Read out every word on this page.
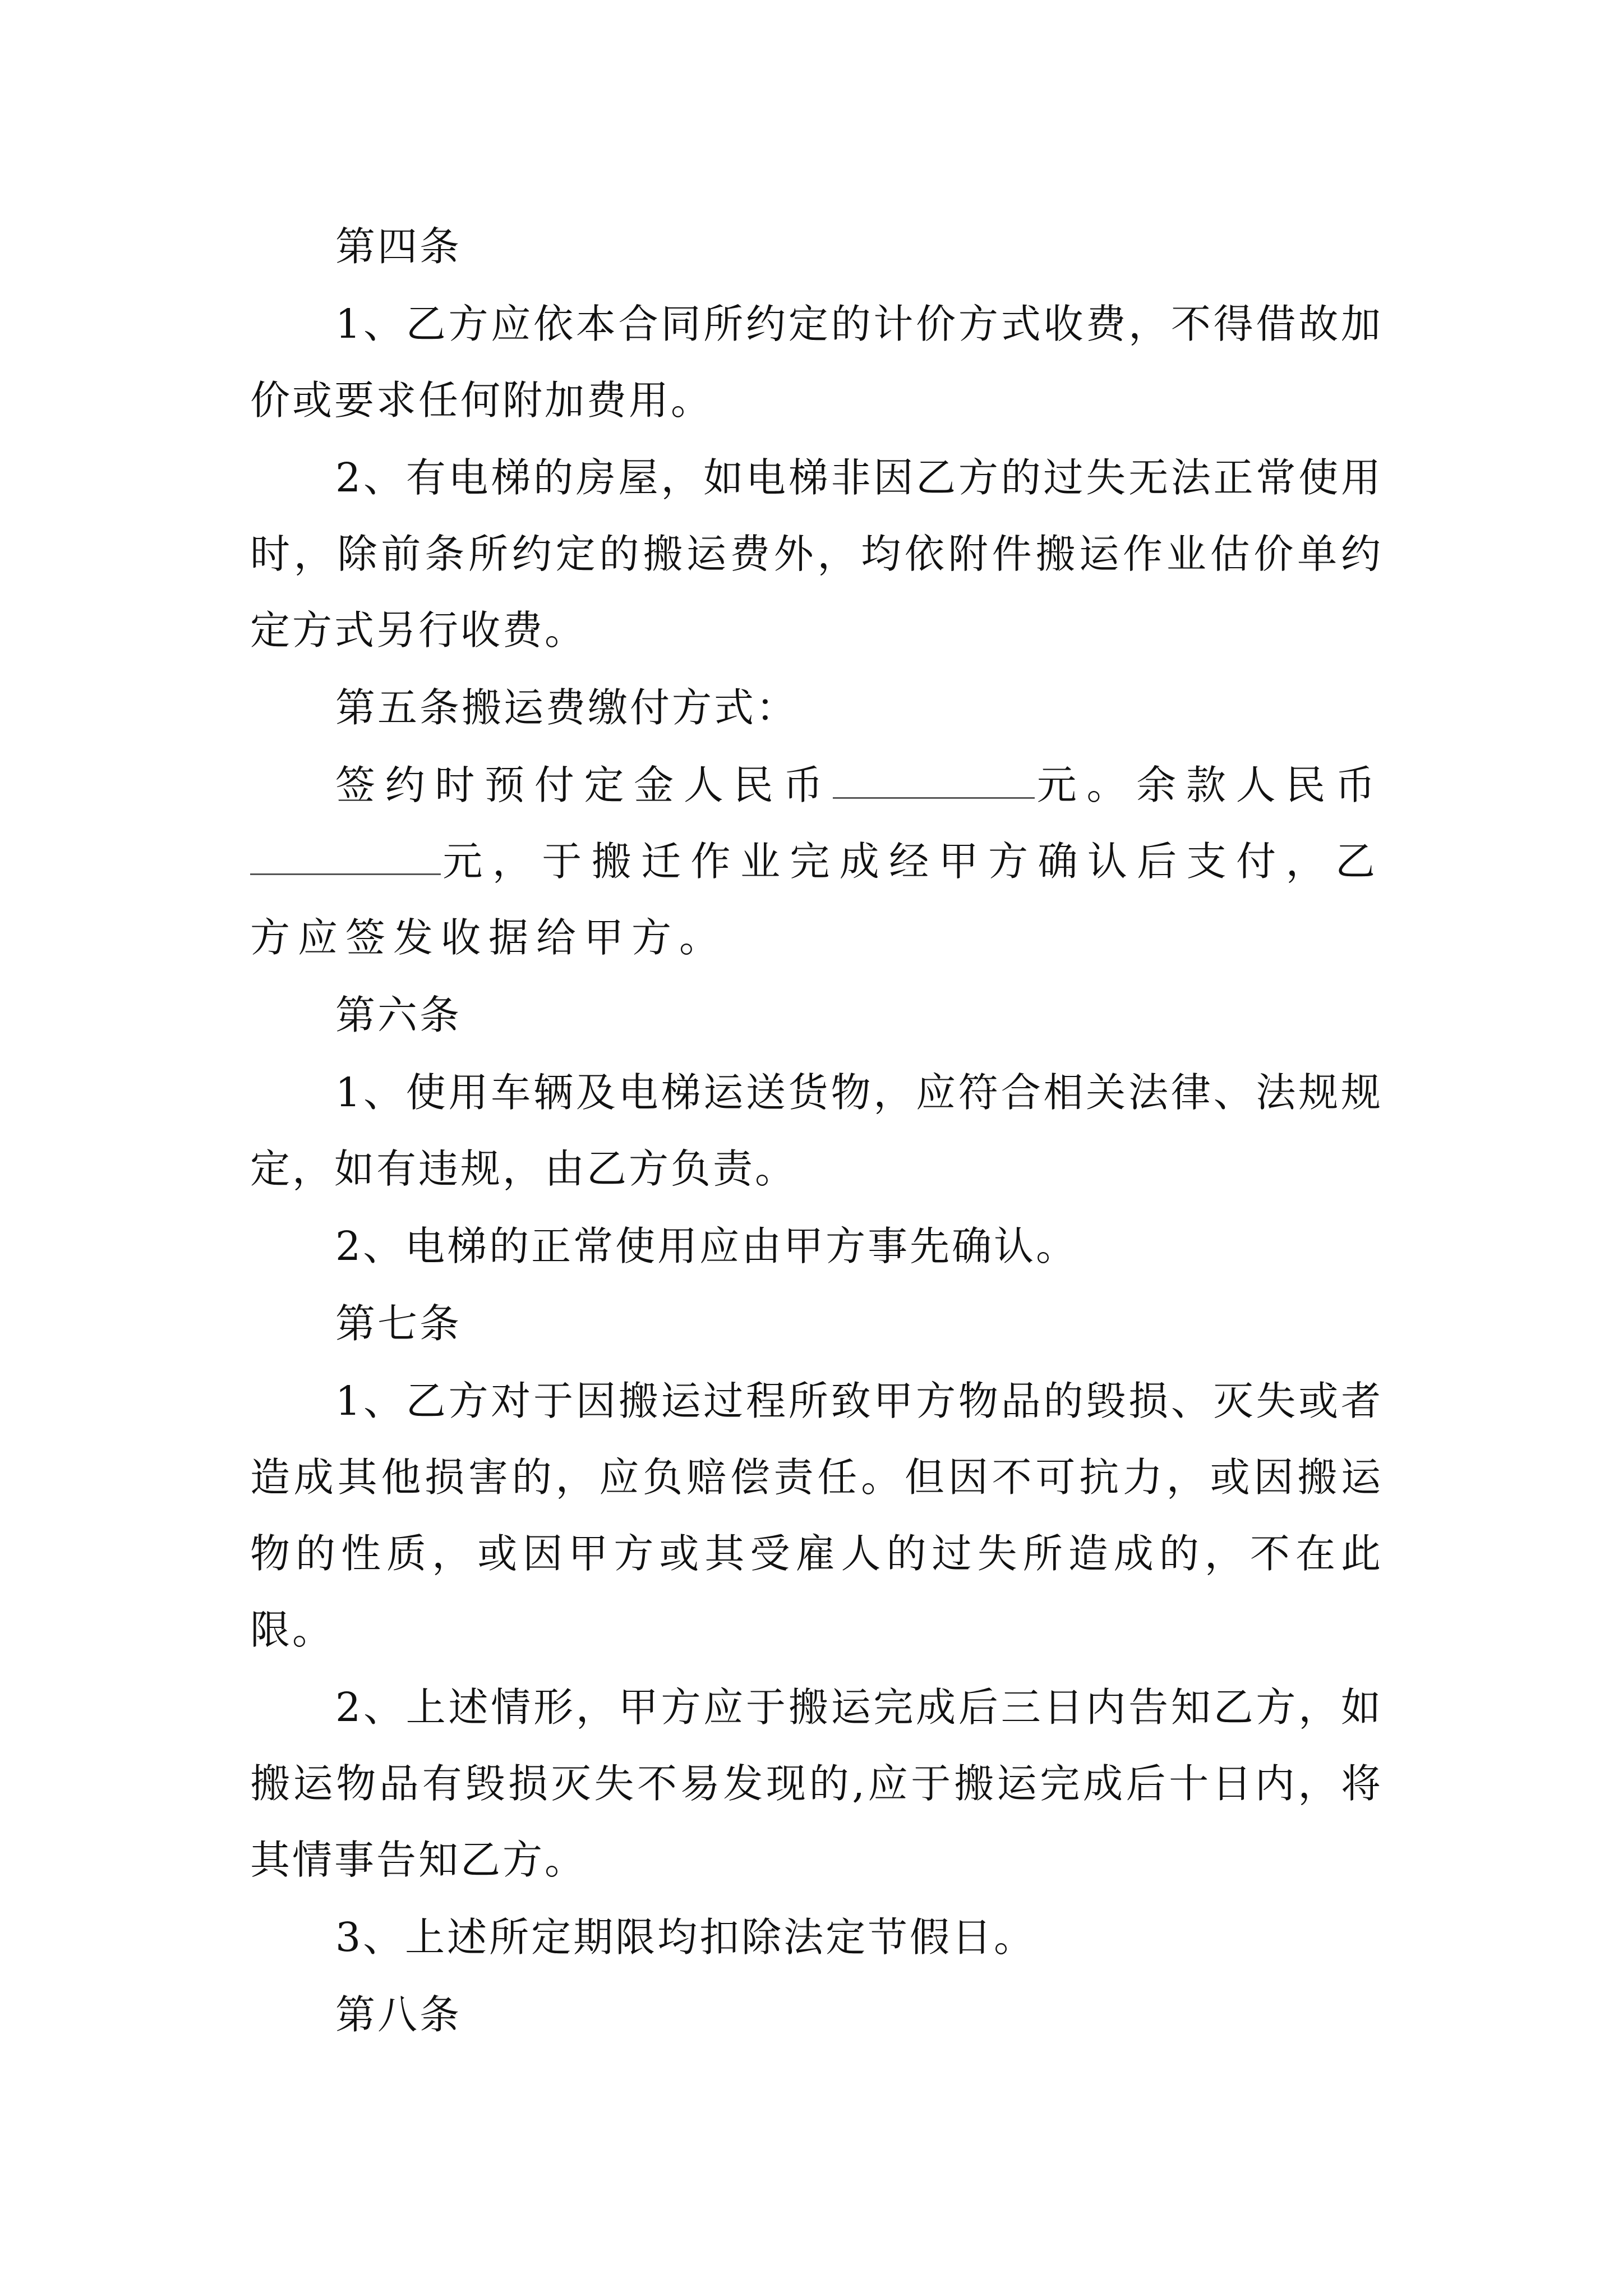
第四条

1、乙方应依本合同所约定的计价方式收费，不得借故加价或要求任何附加费用。

2、有电梯的房屋，如电梯非因乙方的过失无法正常使用时，除前条所约定的搬运费外，均依附件搬运作业估价单约定方式另行收费。

第五条搬运费缴付方式：

签约时预付定金人民币	元。余款人民币元，于搬迁作业完成经甲方确认后支付，乙方应签发收据给甲方。

第六条

1、使用车辆及电梯运送货物，应符合相关法律、法规规定，如有违规，由乙方负责。

2、电梯的正常使用应由甲方事先确认。

第七条

1、乙方对于因搬运过程所致甲方物品的毁损、灭失或者造成其他损害的，应负赔偿责任。但因不可抗力，或因搬运物的性质，或因甲方或其受雇人的过失所造成的，不在此限。

2、上述情形，甲方应于搬运完成后三日内告知乙方，如搬运物品有毁损灭失不易发现的,应于搬运完成后十日内，将其情事告知乙方。

3、上述所定期限均扣除法定节假日。

第八条
